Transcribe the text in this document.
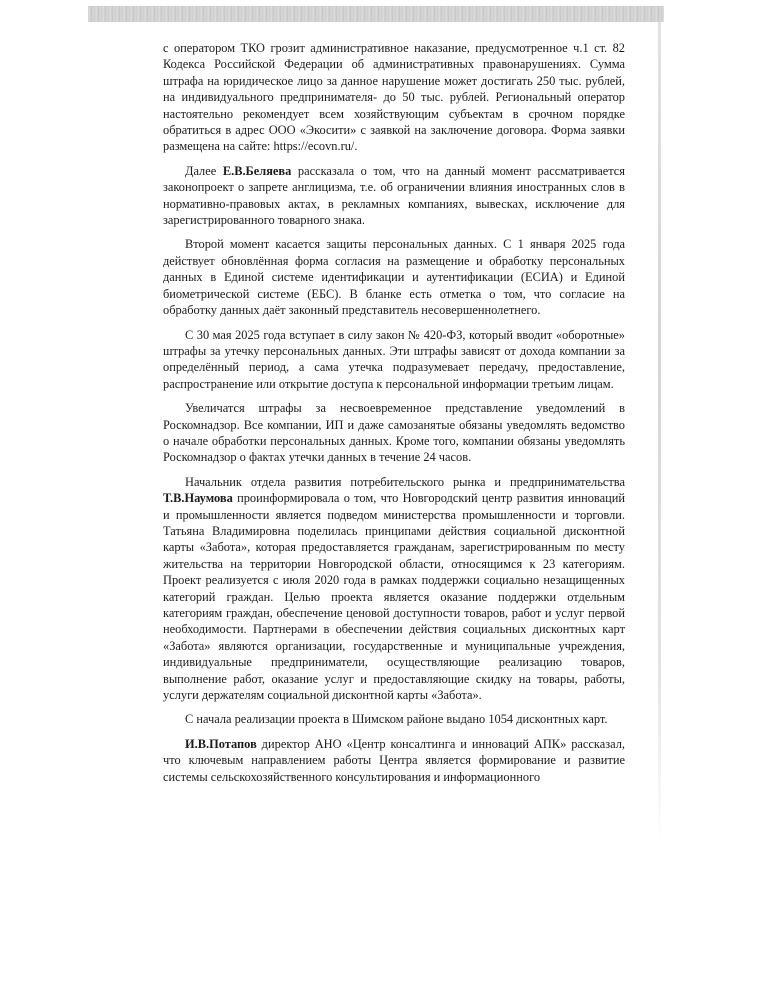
с оператором ТКО грозит административное наказание, предусмотренное ч.1 ст. 82 Кодекса Российской Федерации об административных правонарушениях. Сумма штрафа на юридическое лицо за данное нарушение может достигать 250 тыс. рублей, на индивидуального предпринимателя- до 50 тыс. рублей. Региональный оператор настоятельно рекомендует всем хозяйствующим субъектам в срочном порядке обратиться в адрес ООО «Экосити» с заявкой на заключение договора. Форма заявки размещена на сайте: https://ecovn.ru/.

Далее Е.В.Беляева рассказала о том, что на данный момент рассматривается законопроект о запрете англицизма, т.е. об ограничении влияния иностранных слов в нормативно-правовых актах, в рекламных компаниях, вывесках, исключение для зарегистрированного товарного знака.

Второй момент касается защиты персональных данных. С 1 января 2025 года действует обновлённая форма согласия на размещение и обработку персональных данных в Единой системе идентификации и аутентификации (ЕСИА) и Единой биометрической системе (ЕБС). В бланке есть отметка о том, что согласие на обработку данных даёт законный представитель несовершеннолетнего.

С 30 мая 2025 года вступает в силу закон № 420-ФЗ, который вводит «оборотные» штрафы за утечку персональных данных. Эти штрафы зависят от дохода компании за определённый период, а сама утечка подразумевает передачу, предоставление, распространение или открытие доступа к персональной информации третьим лицам.

Увеличатся штрафы за несвоевременное представление уведомлений в Роскомнадзор. Все компании, ИП и даже самозанятые обязаны уведомлять ведомство о начале обработки персональных данных. Кроме того, компании обязаны уведомлять Роскомнадзор о фактах утечки данных в течение 24 часов.

Начальник отдела развития потребительского рынка и предпринимательства Т.В.Наумова проинформировала о том, что Новгородский центр развития инноваций и промышленности является подведом министерства промышленности и торговли. Татьяна Владимировна поделилась принципами действия социальной дисконтной карты «Забота», которая предоставляется гражданам, зарегистрированным по месту жительства на территории Новгородской области, относящимся к 23 категориям. Проект реализуется с июля 2020 года в рамках поддержки социально незащищенных категорий граждан. Целью проекта является оказание поддержки отдельным категориям граждан, обеспечение ценовой доступности товаров, работ и услуг первой необходимости. Партнерами в обеспечении действия социальных дисконтных карт «Забота» являются организации, государственные и муниципальные учреждения, индивидуальные предприниматели, осуществляющие реализацию товаров, выполнение работ, оказание услуг и предоставляющие скидку на товары, работы, услуги держателям социальной дисконтной карты «Забота».

С начала реализации проекта в Шимском районе выдано 1054 дисконтных карт.

И.В.Потапов директор АНО «Центр консалтинга и инноваций АПК» рассказал, что ключевым направлением работы Центра является формирование и развитие системы сельскохозяйственного консультирования и информационного
